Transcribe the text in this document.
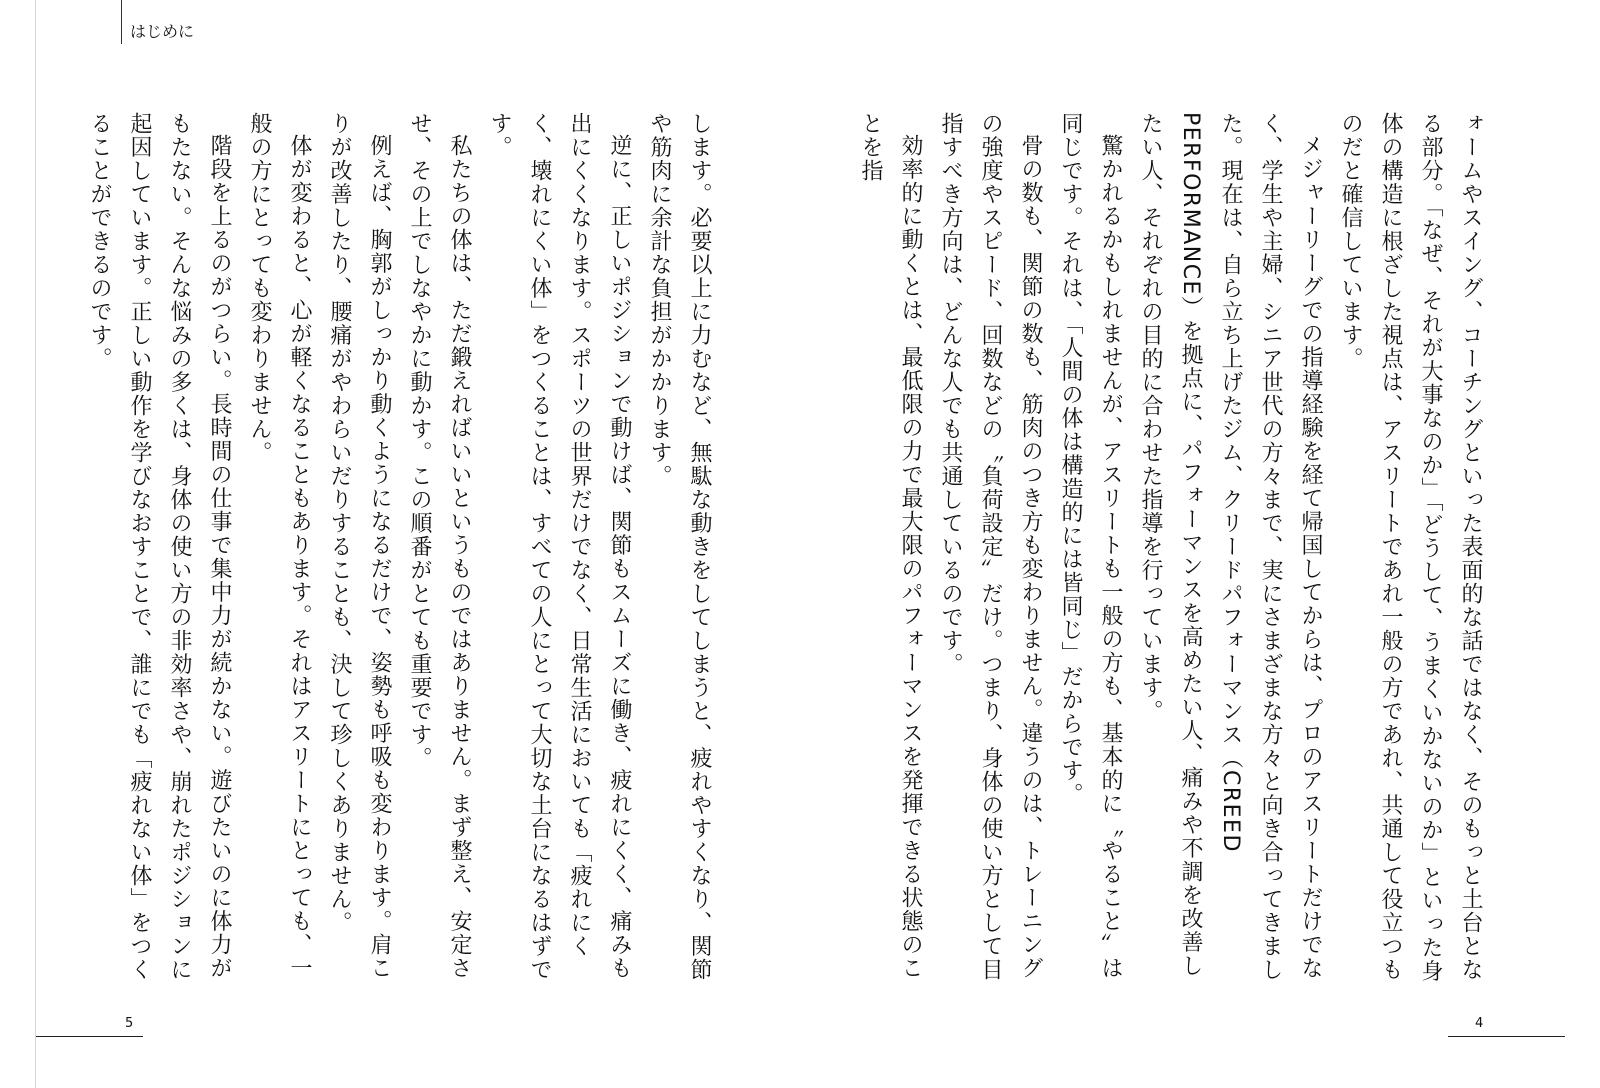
はじめに

ォームやスイング、コーチングといった表面的な話ではなく、そのもっと土台となる部分。「なぜ、それが大事なのか」「どうして、うまくいかないのか」といった身体の構造に根ざした視点は、アスリートであれ一般の方であれ、共通して役立つものだと確信しています。

メジャーリーグでの指導経験を経て帰国してからは、プロのアスリートだけでなく、学生や主婦、シニア世代の方々まで、実にさまざまな方々と向き合ってきました。現在は、自ら立ち上げたジム、クリードパフォーマンス（CREED PERFORMANCE）を拠点に、パフォーマンスを高めたい人、痛みや不調を改善したい人、それぞれの目的に合わせた指導を行っています。

驚かれるかもしれませんが、アスリートも一般の方も、基本的に〝やること〟は同じです。それは、「人間の体は構造的には皆同じ」だからです。

骨の数も、関節の数も、筋肉のつき方も変わりません。違うのは、トレーニングの強度やスピード、回数などの〝負荷設定〟だけ。つまり、身体の使い方として目指すべき方向は、どんな人でも共通しているのです。

効率的に動くとは、最低限の力で最大限のパフォーマンスを発揮できる状態のことを指

します。必要以上に力むなど、無駄な動きをしてしまうと、疲れやすくなり、関節や筋肉に余計な負担がかかります。

逆に、正しいポジションで動けば、関節もスムーズに働き、疲れにくく、痛みも出にくくなります。スポーツの世界だけでなく、日常生活においても「疲れにくく、壊れにくい体」をつくることは、すべての人にとって大切な土台になるはずです。

私たちの体は、ただ鍛えればいいというものではありません。まず整え、安定させ、その上でしなやかに動かす。この順番がとても重要です。

例えば、胸郭がしっかり動くようになるだけで、姿勢も呼吸も変わります。肩こりが改善したり、腰痛がやわらいだりすることも、決して珍しくありません。

体が変わると、心が軽くなることもあります。それはアスリートにとっても、一般の方にとっても変わりません。

階段を上るのがつらい。長時間の仕事で集中力が続かない。遊びたいのに体力がもたない。そんな悩みの多くは、身体の使い方の非効率さや、崩れたポジションに起因しています。正しい動作を学びなおすことで、誰にでも「疲れない体」をつくることができるのです。

5	4
